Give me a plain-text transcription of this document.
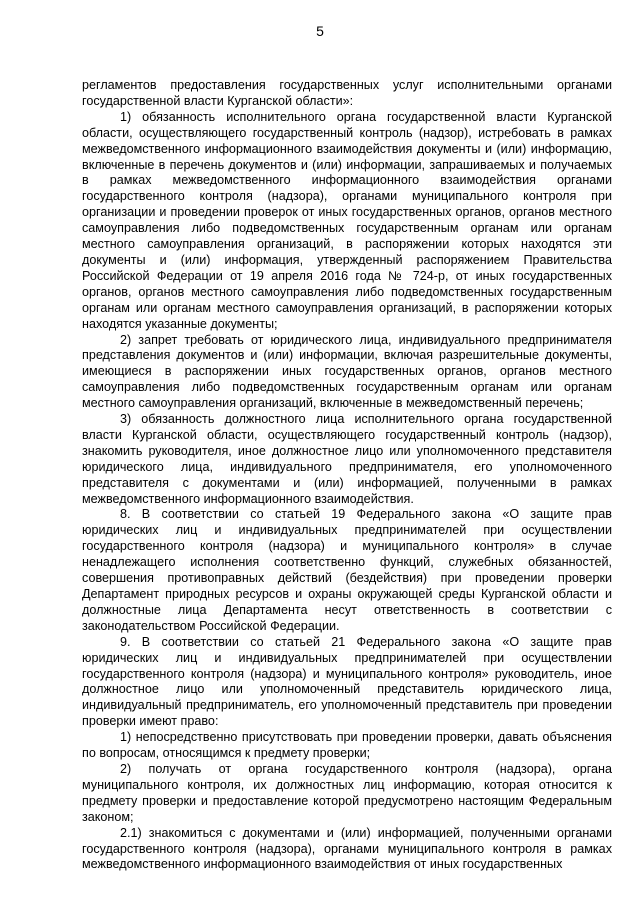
5

регламентов предоставления государственных услуг исполнительными органами государственной власти Курганской области»:

1) обязанность исполнительного органа государственной власти Курганской области, осуществляющего государственный контроль (надзор), истребовать в рамках межведомственного информационного взаимодействия документы и (или) информацию, включенные в перечень документов и (или) информации, запрашиваемых и получаемых в рамках межведомственного информационного взаимодействия органами государственного контроля (надзора), органами муниципального контроля при организации и проведении проверок от иных государственных органов, органов местного самоуправления либо подведомственных государственным органам или органам местного самоуправления организаций, в распоряжении которых находятся эти документы и (или) информация, утвержденный распоряжением Правительства Российской Федерации от 19 апреля 2016 года № 724-р, от иных государственных органов, органов местного самоуправления либо подведомственных государственным органам или органам местного самоуправления организаций, в распоряжении которых находятся указанные документы;

2) запрет требовать от юридического лица, индивидуального предпринимателя представления документов и (или) информации, включая разрешительные документы, имеющиеся в распоряжении иных государственных органов, органов местного самоуправления либо подведомственных государственным органам или органам местного самоуправления организаций, включенные в межведомственный перечень;

3) обязанность должностного лица исполнительного органа государственной власти Курганской области, осуществляющего государственный контроль (надзор), знакомить руководителя, иное должностное лицо или уполномоченного представителя юридического лица, индивидуального предпринимателя, его уполномоченного представителя с документами и (или) информацией, полученными в рамках межведомственного информационного взаимодействия.

8. В соответствии со статьей 19 Федерального закона «О защите прав юридических лиц и индивидуальных предпринимателей при осуществлении государственного контроля (надзора) и муниципального контроля» в случае ненадлежащего исполнения соответственно функций, служебных обязанностей, совершения противоправных действий (бездействия) при проведении проверки Департамент природных ресурсов и охраны окружающей среды Курганской области и должностные лица Департамента несут ответственность в соответствии с законодательством Российской Федерации.

9. В соответствии со статьей 21 Федерального закона «О защите прав юридических лиц и индивидуальных предпринимателей при осуществлении государственного контроля (надзора) и муниципального контроля» руководитель, иное должностное лицо или уполномоченный представитель юридического лица, индивидуальный предприниматель, его уполномоченный представитель при проведении проверки имеют право:

1) непосредственно присутствовать при проведении проверки, давать объяснения по вопросам, относящимся к предмету проверки;

2) получать от органа государственного контроля (надзора), органа муниципального контроля, их должностных лиц информацию, которая относится к предмету проверки и предоставление которой предусмотрено настоящим Федеральным законом;

2.1) знакомиться с документами и (или) информацией, полученными органами государственного контроля (надзора), органами муниципального контроля в рамках межведомственного информационного взаимодействия от иных государственных
